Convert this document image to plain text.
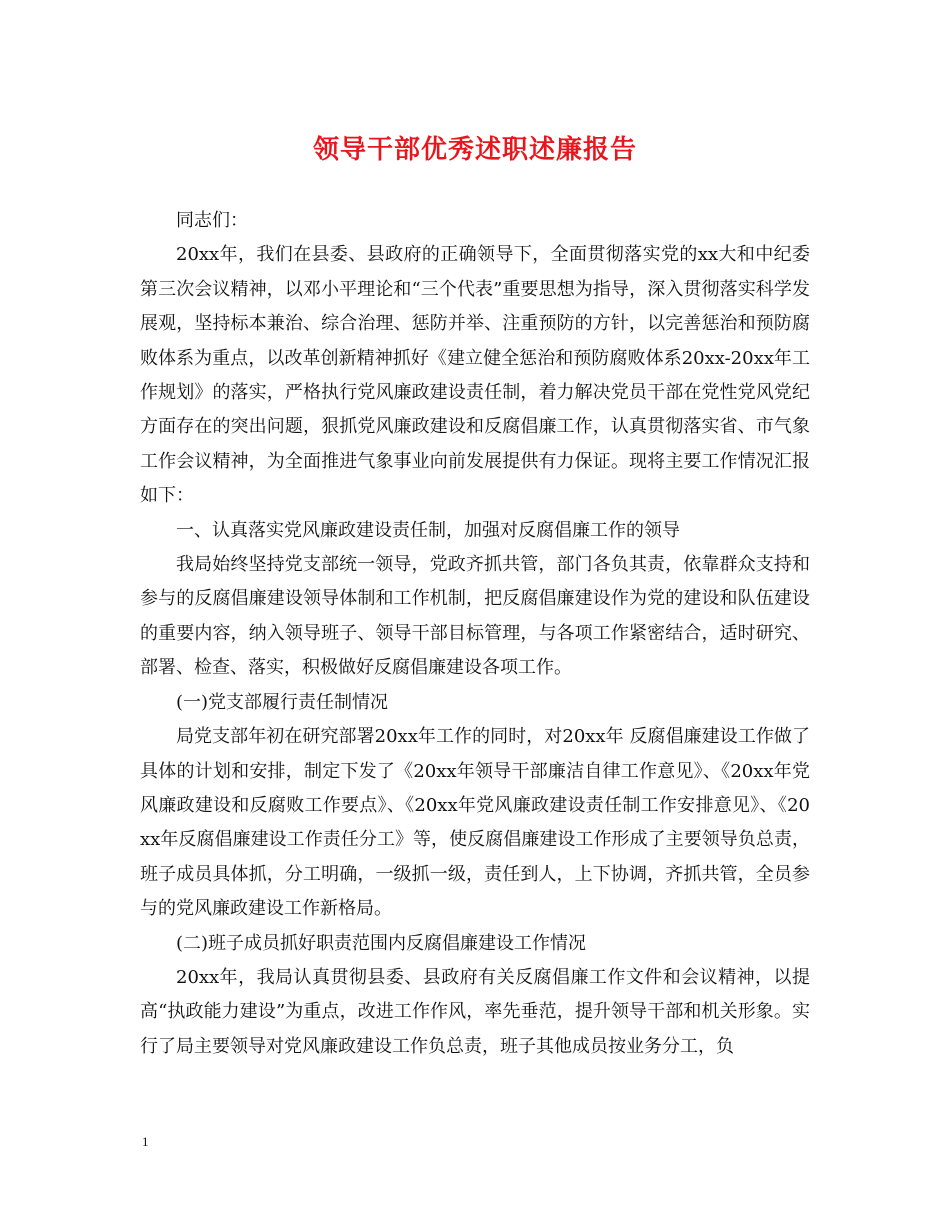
领导干部优秀述职述廉报告

同志们：

20xx年，我们在县委、县政府的正确领导下，全面贯彻落实党的xx大和中纪委第三次会议精神，以邓小平理论和“三个代表”重要思想为指导，深入贯彻落实科学发展观，坚持标本兼治、综合治理、惩防并举、注重预防的方针，以完善惩治和预防腐败体系为重点，以改革创新精神抓好《建立健全惩治和预防腐败体系20xx-20xx年工作规划》的落实，严格执行党风廉政建设责任制，着力解决党员干部在党性党风党纪方面存在的突出问题，狠抓党风廉政建设和反腐倡廉工作，认真贯彻落实省、市气象工作会议精神，为全面推进气象事业向前发展提供有力保证。现将主要工作情况汇报如下：

一、认真落实党风廉政建设责任制，加强对反腐倡廉工作的领导

我局始终坚持党支部统一领导，党政齐抓共管，部门各负其责，依靠群众支持和参与的反腐倡廉建设领导体制和工作机制，把反腐倡廉建设作为党的建设和队伍建设的重要内容，纳入领导班子、领导干部目标管理，与各项工作紧密结合，适时研究、部署、检查、落实，积极做好反腐倡廉建设各项工作。

(一)党支部履行责任制情况

局党支部年初在研究部署20xx年工作的同时，对20xx年 反腐倡廉建设工作做了具体的计划和安排，制定下发了《20xx年领导干部廉洁自律工作意见》、《20xx年党风廉政建设和反腐败工作要点》、《20xx年党风廉政建设责任制工作安排意见》、《20xx年反腐倡廉建设工作责任分工》等，使反腐倡廉建设工作形成了主要领导负总责，班子成员具体抓，分工明确，一级抓一级，责任到人，上下协调，齐抓共管，全员参与的党风廉政建设工作新格局。

(二)班子成员抓好职责范围内反腐倡廉建设工作情况

20xx年，我局认真贯彻县委、县政府有关反腐倡廉工作文件和会议精神，以提高“执政能力建设”为重点，改进工作作风，率先垂范，提升领导干部和机关形象。实行了局主要领导对党风廉政建设工作负总责，班子其他成员按业务分工，负

1
